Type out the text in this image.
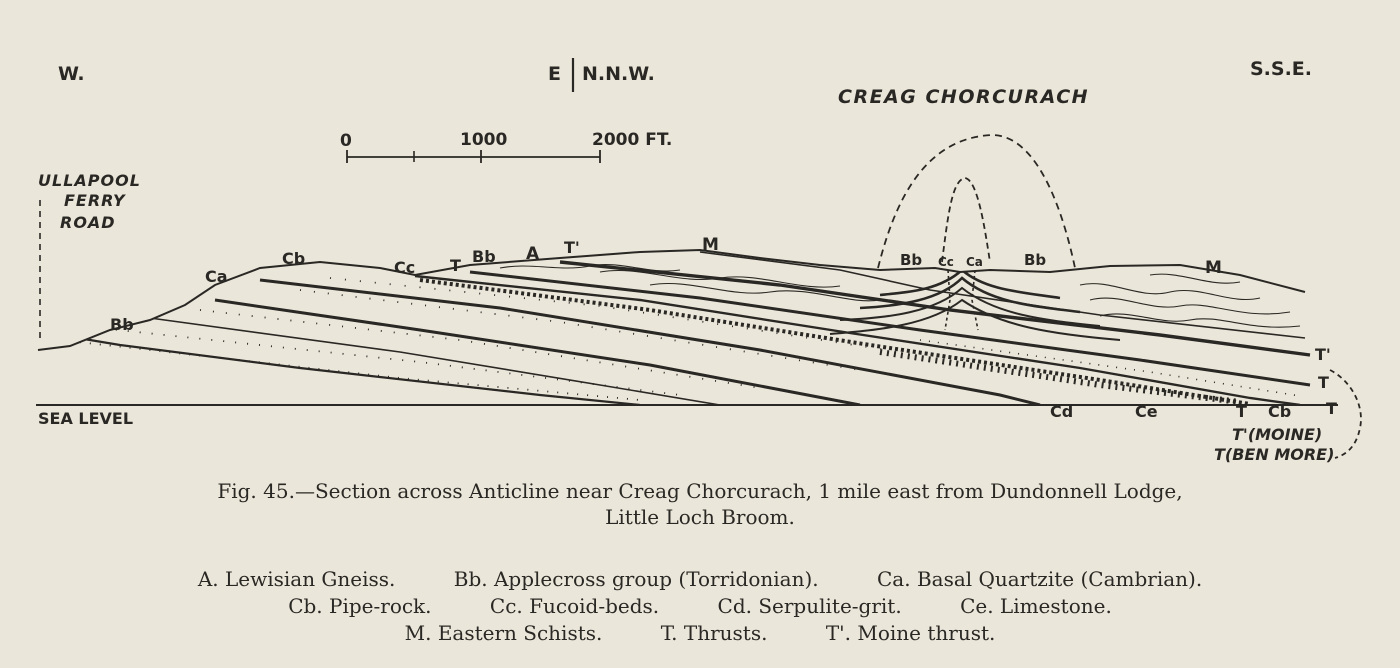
W.	E N.N.W.	S.S.E.
CREAG CHORCURACH
0	1000	2000 FT.
ULLAPOOL
FERRY
ROAD
SEA LEVEL
Bb
Ca
Cb	Cc T Bb A T'	M
Bb Cc Ca	Bb	M
T'
T
Cd	Ce	T Cb T
T'(MOINE)
T(BEN MORE)
Fig. 45.—Section across Anticline near Creag Chorcurach, 1 mile east from Dundonnell Lodge,
Little Loch Broom.
A. Lewisian Gneiss.	Bb. Applecross group (Torridonian).	Ca. Basal Quartzite (Cambrian).
Cb. Pipe-rock.	Cc. Fucoid-beds.	Cd. Serpulite-grit.	Ce. Limestone.
M. Eastern Schists.	T. Thrusts.	T'. Moine thrust.
